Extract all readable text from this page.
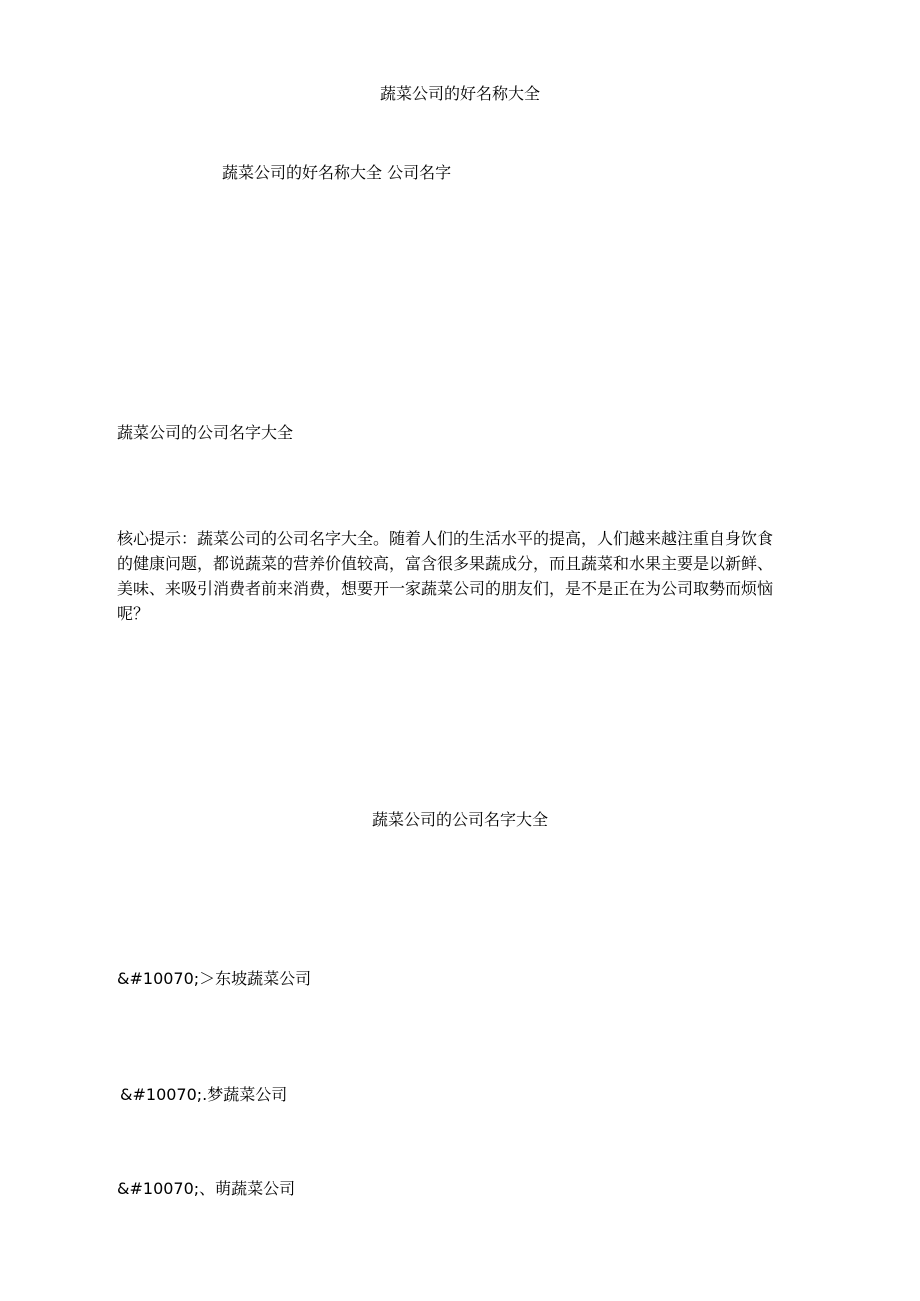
蔬菜公司的好名称大全
蔬菜公司的好名称大全 公司名字
蔬菜公司的公司名字大全
核心提示：蔬菜公司的公司名字大全。随着人们的生活水平的提高，人们越来越注重自身饮食的健康问题，都说蔬菜的营养价值较高，富含很多果蔬成分，而且蔬菜和水果主要是以新鲜、美味、来吸引消费者前来消费，想要开一家蔬菜公司的朋友们，是不是正在为公司取勢而烦恼呢？
蔬菜公司的公司名字大全
&#10070;＞东坡蔬菜公司
&#10070;.梦蔬菜公司
&#10070;、萌蔬菜公司
